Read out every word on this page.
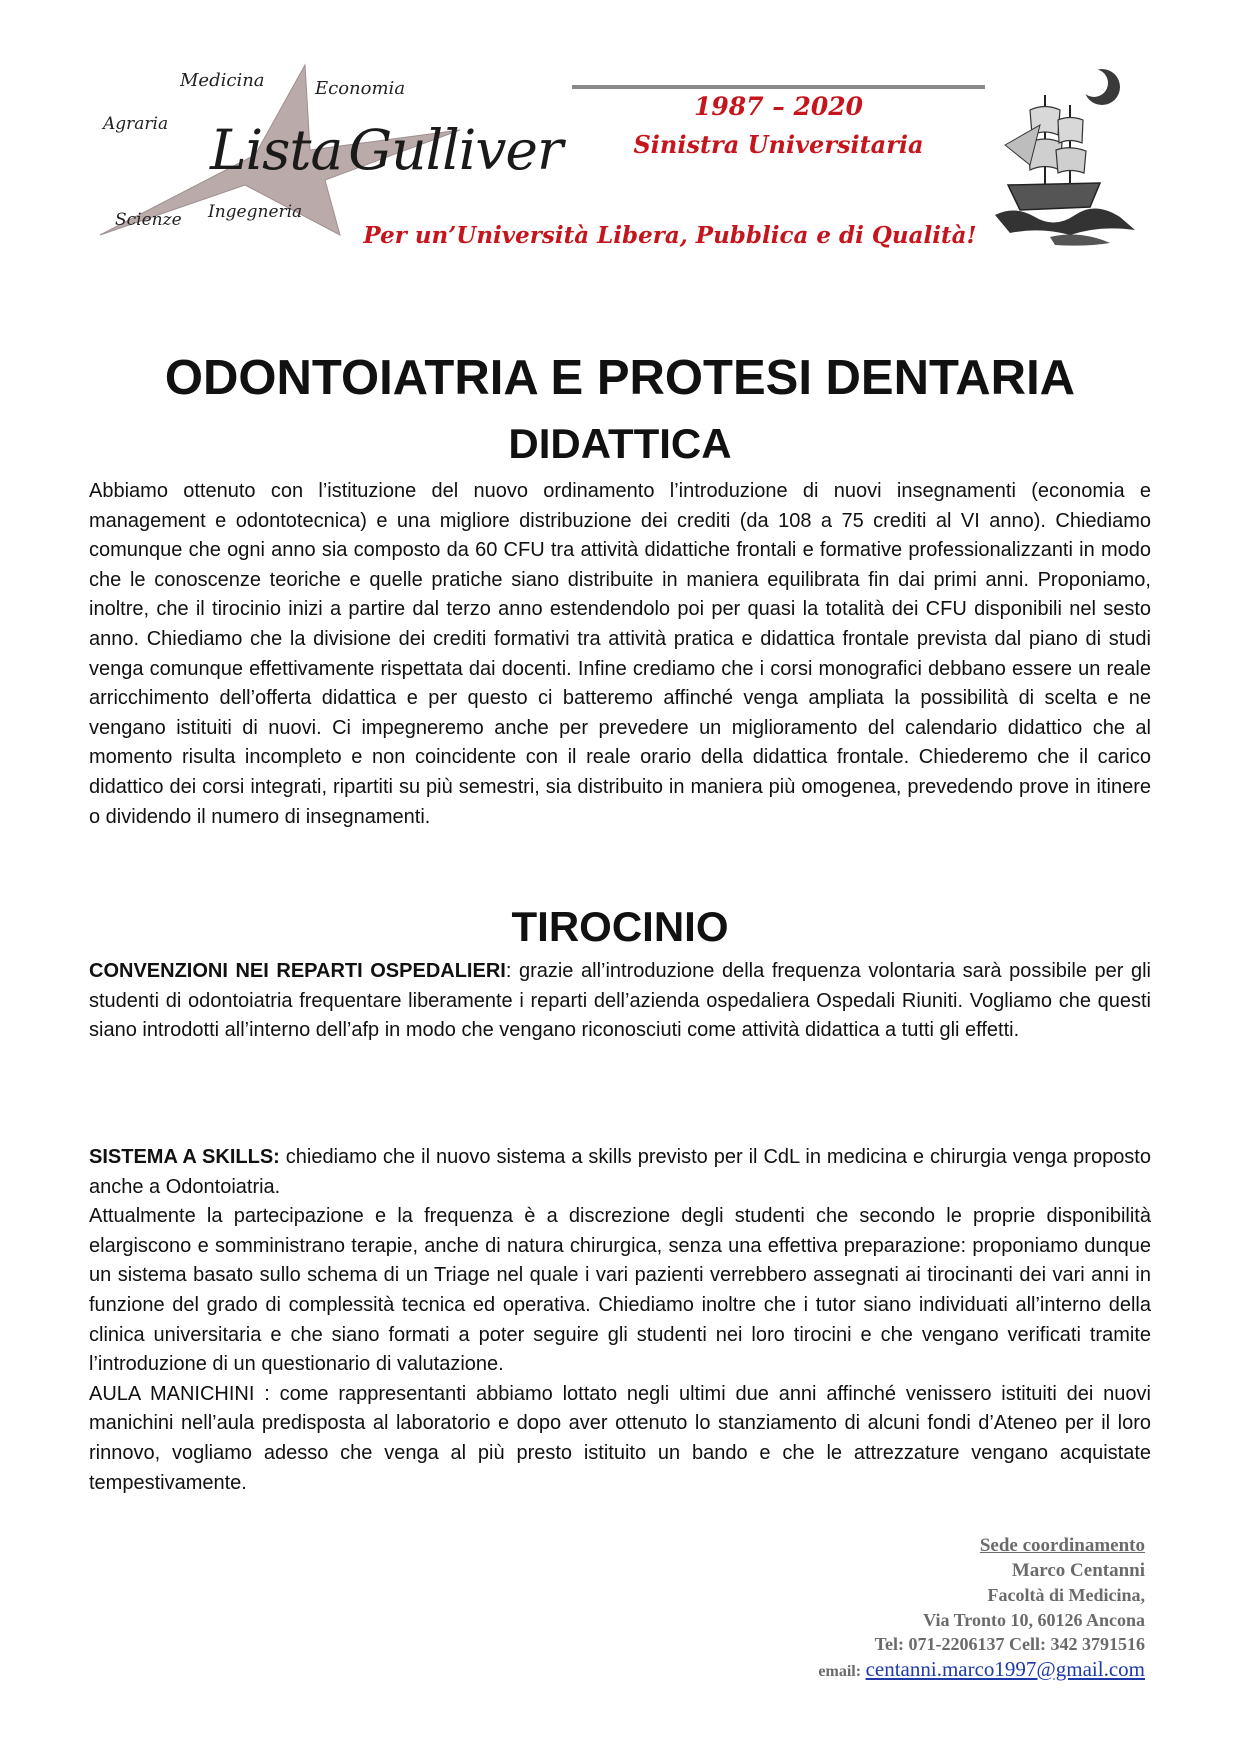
Medicina	Economia
Agraria
Scienze Ingegneria
Lista Gulliver
1987 – 2020
Sinistra Universitaria
Per un’Università Libera, Pubblica e di Qualità!
ODONTOIATRIA E PROTESI DENTARIA
DIDATTICA
Abbiamo ottenuto con l’istituzione del nuovo ordinamento l’introduzione di nuovi insegnamenti (economia e management e odontotecnica) e una migliore distribuzione dei crediti (da 108 a 75 crediti al VI anno). Chiediamo comunque che ogni anno sia composto da 60 CFU tra attività didattiche frontali e formative professionalizzanti in modo che le conoscenze teoriche e quelle pratiche siano distribuite in maniera equilibrata fin dai primi anni. Proponiamo, inoltre, che il tirocinio inizi a partire dal terzo anno estendendolo poi per quasi la totalità dei CFU disponibili nel sesto anno. Chiediamo che la divisione dei crediti formativi tra attività pratica e didattica frontale prevista dal piano di studi venga comunque effettivamente rispettata dai docenti. Infine crediamo che i corsi monografici debbano essere un reale arricchimento dell’offerta didattica e per questo ci batteremo affinché venga ampliata la possibilità di scelta e ne vengano istituiti di nuovi. Ci impegneremo anche per prevedere un miglioramento del calendario didattico che al momento risulta incompleto e non coincidente con il reale orario della didattica frontale. Chiederemo che il carico didattico dei corsi integrati, ripartiti su più semestri, sia distribuito in maniera più omogenea, prevedendo prove in itinere o dividendo il numero di insegnamenti.
TIROCINIO
CONVENZIONI NEI REPARTI OSPEDALIERI: grazie all’introduzione della frequenza volontaria sarà possibile per gli studenti di odontoiatria frequentare liberamente i reparti dell’azienda ospedaliera Ospedali Riuniti. Vogliamo che questi siano introdotti all’interno dell’afp in modo che vengano riconosciuti come attività didattica a tutti gli effetti.
SISTEMA A SKILLS: chiediamo che il nuovo sistema a skills previsto per il CdL in medicina e chirurgia venga proposto anche a Odontoiatria.
Attualmente la partecipazione e la frequenza è a discrezione degli studenti che secondo le proprie disponibilità elargiscono e somministrano terapie, anche di natura chirurgica, senza una effettiva preparazione: proponiamo dunque un sistema basato sullo schema di un Triage nel quale i vari pazienti verrebbero assegnati ai tirocinanti dei vari anni in funzione del grado di complessità tecnica ed operativa. Chiediamo inoltre che i tutor siano individuati all’interno della clinica universitaria e che siano formati a poter seguire gli studenti nei loro tirocini e che vengano verificati tramite l’introduzione di un questionario di valutazione.
AULA MANICHINI : come rappresentanti abbiamo lottato negli ultimi due anni affinché venissero istituiti dei nuovi manichini nell’aula predisposta al laboratorio e dopo aver ottenuto lo stanziamento di alcuni fondi d’Ateneo per il loro rinnovo, vogliamo adesso che venga al più presto istituito un bando e che le attrezzature vengano acquistate tempestivamente.
Sede coordinamento
Marco Centanni
Facoltà di Medicina,
Via Tronto 10, 60126 Ancona
Tel: 071-2206137 Cell: 342 3791516
email: centanni.marco1997@gmail.com
